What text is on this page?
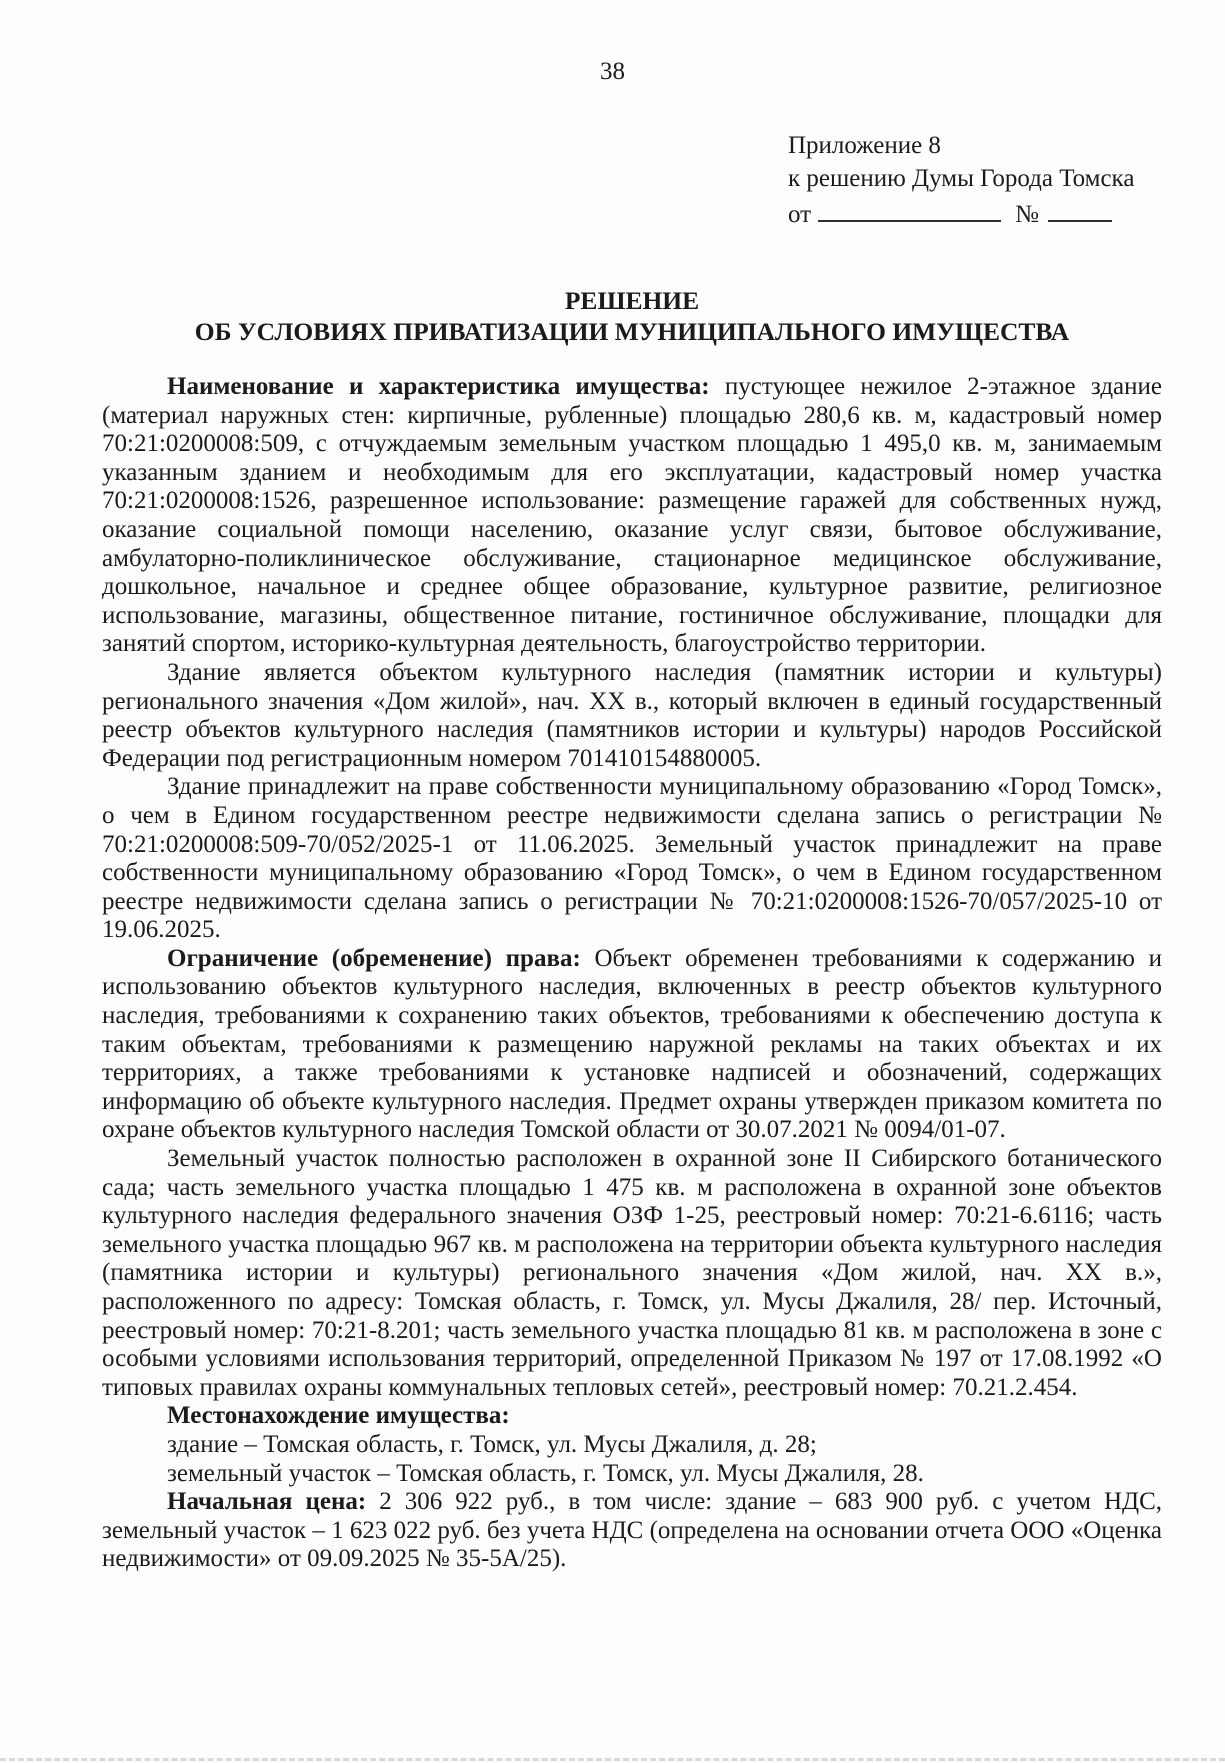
38
Приложение 8
к решению Думы Города Томска
от	№
РЕШЕНИЕ
ОБ УСЛОВИЯХ ПРИВАТИЗАЦИИ МУНИЦИПАЛЬНОГО ИМУЩЕСТВА

Наименование и характеристика имущества: пустующее нежилое 2-этажное здание (материал наружных стен: кирпичные, рубленные) площадью 280,6 кв. м, кадастровый номер 70:21:0200008:509, с отчуждаемым земельным участком площадью 1 495,0 кв. м, занимаемым указанным зданием и необходимым для его эксплуатации, кадастровый номер участка 70:21:0200008:1526, разрешенное использование: размещение гаражей для собственных нужд, оказание социальной помощи населению, оказание услуг связи, бытовое обслуживание, амбулаторно-поликлиническое обслуживание, стационарное медицинское обслуживание, дошкольное, начальное и среднее общее образование, культурное развитие, религиозное использование, магазины, общественное питание, гостиничное обслуживание, площадки для занятий спортом, историко-культурная деятельность, благоустройство территории.

Здание является объектом культурного наследия (памятник истории и культуры) регионального значения «Дом жилой», нач. XX в., который включен в единый государственный реестр объектов культурного наследия (памятников истории и культуры) народов Российской Федерации под регистрационным номером 701410154880005.

Здание принадлежит на праве собственности муниципальному образованию «Город Томск», о чем в Едином государственном реестре недвижимости сделана запись о регистрации № 70:21:0200008:509-70/052/2025-1 от 11.06.2025. Земельный участок принадлежит на праве собственности муниципальному образованию «Город Томск», о чем в Едином государственном реестре недвижимости сделана запись о регистрации № 70:21:0200008:1526-70/057/2025-10 от 19.06.2025.

Ограничение (обременение) права: Объект обременен требованиями к содержанию и использованию объектов культурного наследия, включенных в реестр объектов культурного наследия, требованиями к сохранению таких объектов, требованиями к обеспечению доступа к таким объектам, требованиями к размещению наружной рекламы на таких объектах и их территориях, а также требованиями к установке надписей и обозначений, содержащих информацию об объекте культурного наследия. Предмет охраны утвержден приказом комитета по охране объектов культурного наследия Томской области от 30.07.2021 № 0094/01-07.

Земельный участок полностью расположен в охранной зоне II Сибирского ботанического сада; часть земельного участка площадью 1 475 кв. м расположена в охранной зоне объектов культурного наследия федерального значения ОЗФ 1-25, реестровый номер: 70:21-6.6116; часть земельного участка площадью 967 кв. м расположена на территории объекта культурного наследия (памятника истории и культуры) регионального значения «Дом жилой, нач. XX в.», расположенного по адресу: Томская область, г. Томск, ул. Мусы Джалиля, 28/ пер. Источный, реестровый номер: 70:21-8.201; часть земельного участка площадью 81 кв. м расположена в зоне с особыми условиями использования территорий, определенной Приказом № 197 от 17.08.1992 «О типовых правилах охраны коммунальных тепловых сетей», реестровый номер: 70.21.2.454.

Местонахождение имущества:

здание – Томская область, г. Томск, ул. Мусы Джалиля, д. 28;

земельный участок – Томская область, г. Томск, ул. Мусы Джалиля, 28.

Начальная цена: 2 306 922 руб., в том числе: здание – 683 900 руб. с учетом НДС, земельный участок – 1 623 022 руб. без учета НДС (определена на основании отчета ООО «Оценка недвижимости» от 09.09.2025 № 35-5А/25).
